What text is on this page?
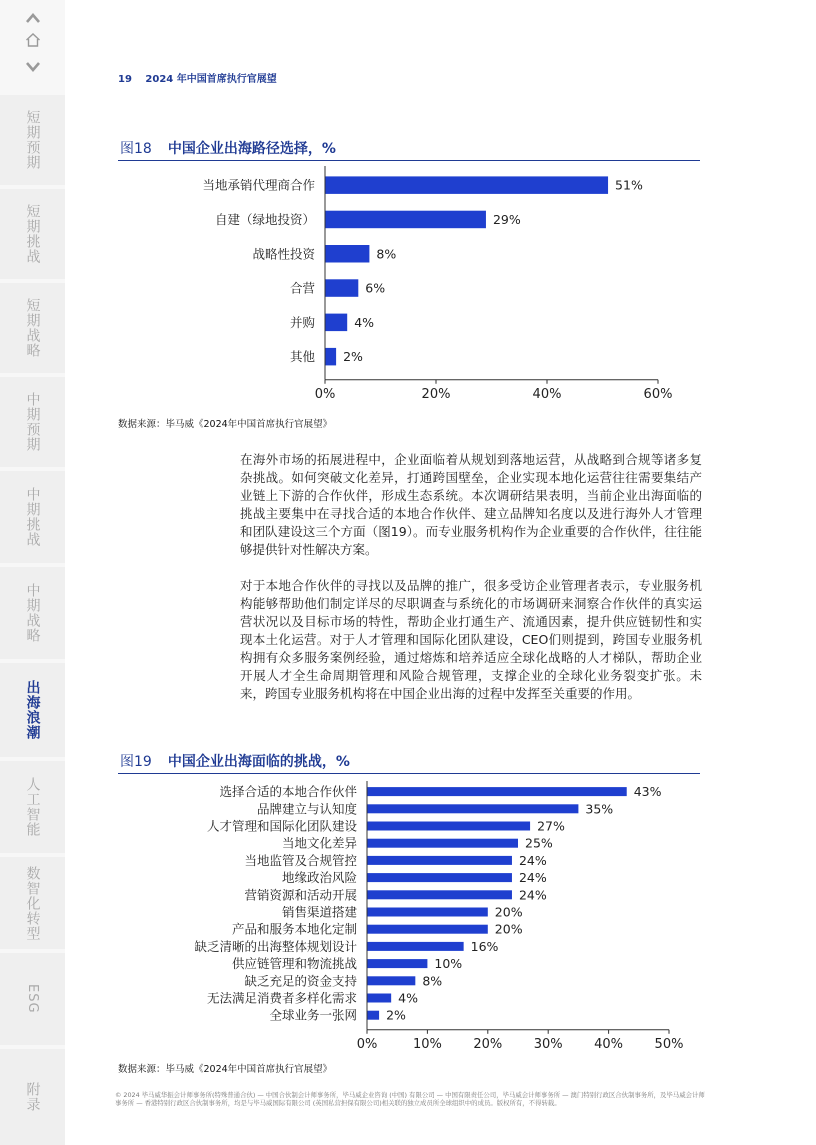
短期预期
短期挑战
短期战略
中期预期
中期挑战
中期战略
出海浪潮
人工智能
数智化转型
ESG
附录
19 2024 年中国首席执行官展望
图18 中国企业出海路径选择，%
当地承销代理商合作	51%
自建（绿地投资）	29%
战略性投资	8%
合营	6%
并购	4%
其他 2%
0%	20%	40%	60%
数据来源：毕马威《2024年中国首席执行官展望》

在海外市场的拓展进程中，企业面临着从规划到落地运营，从战略到合规等诸多复杂挑战。如何突破文化差异，打通跨国壁垒，企业实现本地化运营往往需要集结产业链上下游的合作伙伴，形成生态系统。本次调研结果表明，当前企业出海面临的挑战主要集中在寻找合适的本地合作伙伴、建立品牌知名度以及进行海外人才管理和团队建设这三个方面（图19）。而专业服务机构作为企业重要的合作伙伴，往往能够提供针对性解决方案。

对于本地合作伙伴的寻找以及品牌的推广，很多受访企业管理者表示，专业服务机构能够帮助他们制定详尽的尽职调查与系统化的市场调研来洞察合作伙伴的真实运营状况以及目标市场的特性，帮助企业打通生产、流通因素，提升供应链韧性和实现本土化运营。对于人才管理和国际化团队建设，CEO们则提到，跨国专业服务机构拥有众多服务案例经验，通过熔炼和培养适应全球化战略的人才梯队，帮助企业开展人才全生命周期管理和风险合规管理，支撑企业的全球化业务裂变扩张。未来，跨国专业服务机构将在中国企业出海的过程中发挥至关重要的作用。

图19 中国企业出海面临的挑战，%
选择合适的本地合作伙伴	43%
品牌建立与认知度	35%
人才管理和国际化团队建设	27%
当地文化差异	25%
当地监管及合规管控	24%
地缘政治风险	24%
营销资源和活动开展	24%
销售渠道搭建	20%
产品和服务本地化定制	20%
缺乏清晰的出海整体规划设计	16%
供应链管理和物流挑战	10%
缺乏充足的资金支持	8%
无法满足消费者多样化需求	4%
全球业务一张网 2%
0%	10% 20% 30% 40% 50%
数据来源：毕马威《2024年中国首席执行官展望》
© 2024 毕马威华振会计师事务所(特殊普通合伙) — 中国合伙制会计师事务所，毕马威企业咨询 (中国) 有限公司 — 中国有限责任公司，毕马威会计师事务所 — 澳门特别行政区合伙制事务所，及毕马威会计师事务所 — 香港特别行政区合伙制事务所，均是与毕马威国际有限公司 (英国私营担保有限公司)相关联的独立成员所全球组织中的成员。版权所有，不得转载。
